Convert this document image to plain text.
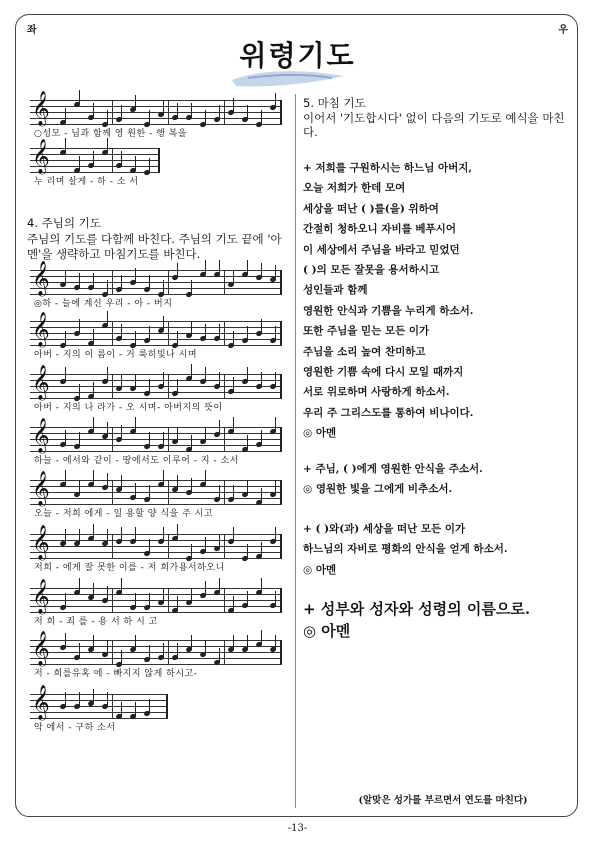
좌	우
위령기도
𝄞
𝄞
𝄞
𝄞
𝄞
𝄞
𝄞
𝄞
𝄞
𝄞
𝄞
○성모 - 님과 함께 영 원한 - 행 복을
누 리며 살게 - 하 - 소 서
◎하 - 늘에 계신 우리 - 아 - 버지
아버 - 지의 이 름이 - 거 룩히빛나 시며
아버 - 지의 나 라가 - 오 시며- 아버지의 뜻이
하늘 - 에서와 같이 - 땅에서도 이루어 - 지 - 소서
오늘 - 저희 에게 - 일 용할 양 식을 주 시고
저희 - 에게 잘 못한 이를 - 저 희가용서하오니
저 희 - 죄 를 - 용 서 하 시 고
저 - 희를유혹 에 - 빠지지 않게 하시고-
악 에서 - 구하 소서
4. 주님의 기도
주님의 기도를 다함께 바친다. 주님의 기도 끝에 '아멘'을 생략하고 마침기도를 바친다.
5. 마침 기도
이어서 '기도합시다' 없이 다음의 기도로 예식을 마친다.

+ 저희를 구원하시는 하느님 아버지,

오늘 저희가 한데 모여

세상을 떠난 ( )를(을) 위하여

간절히 청하오니 자비를 베푸시어

이 세상에서 주님을 바라고 믿었던

( )의 모든 잘못을 용서하시고

성인들과 함께

영원한 안식과 기쁨을 누리게 하소서.

또한 주님을 믿는 모든 이가

주님을 소리 높여 찬미하고

영원한 기쁨 속에 다시 모일 때까지

서로 위로하며 사랑하게 하소서.

우리 주 그리스도를 통하여 비나이다.

◎ 아멘

+ 주님, ( )에게 영원한 안식을 주소서.

◎ 영원한 빛을 그에게 비추소서.

+ ( )와(과) 세상을 떠난 모든 이가

하느님의 자비로 평화의 안식을 얻게 하소서.

◎ 아멘

+ 성부와 성자와 성령의 이름으로.

◎ 아멘

(알맞은 성가를 부르면서 연도를 마친다)
-13-
